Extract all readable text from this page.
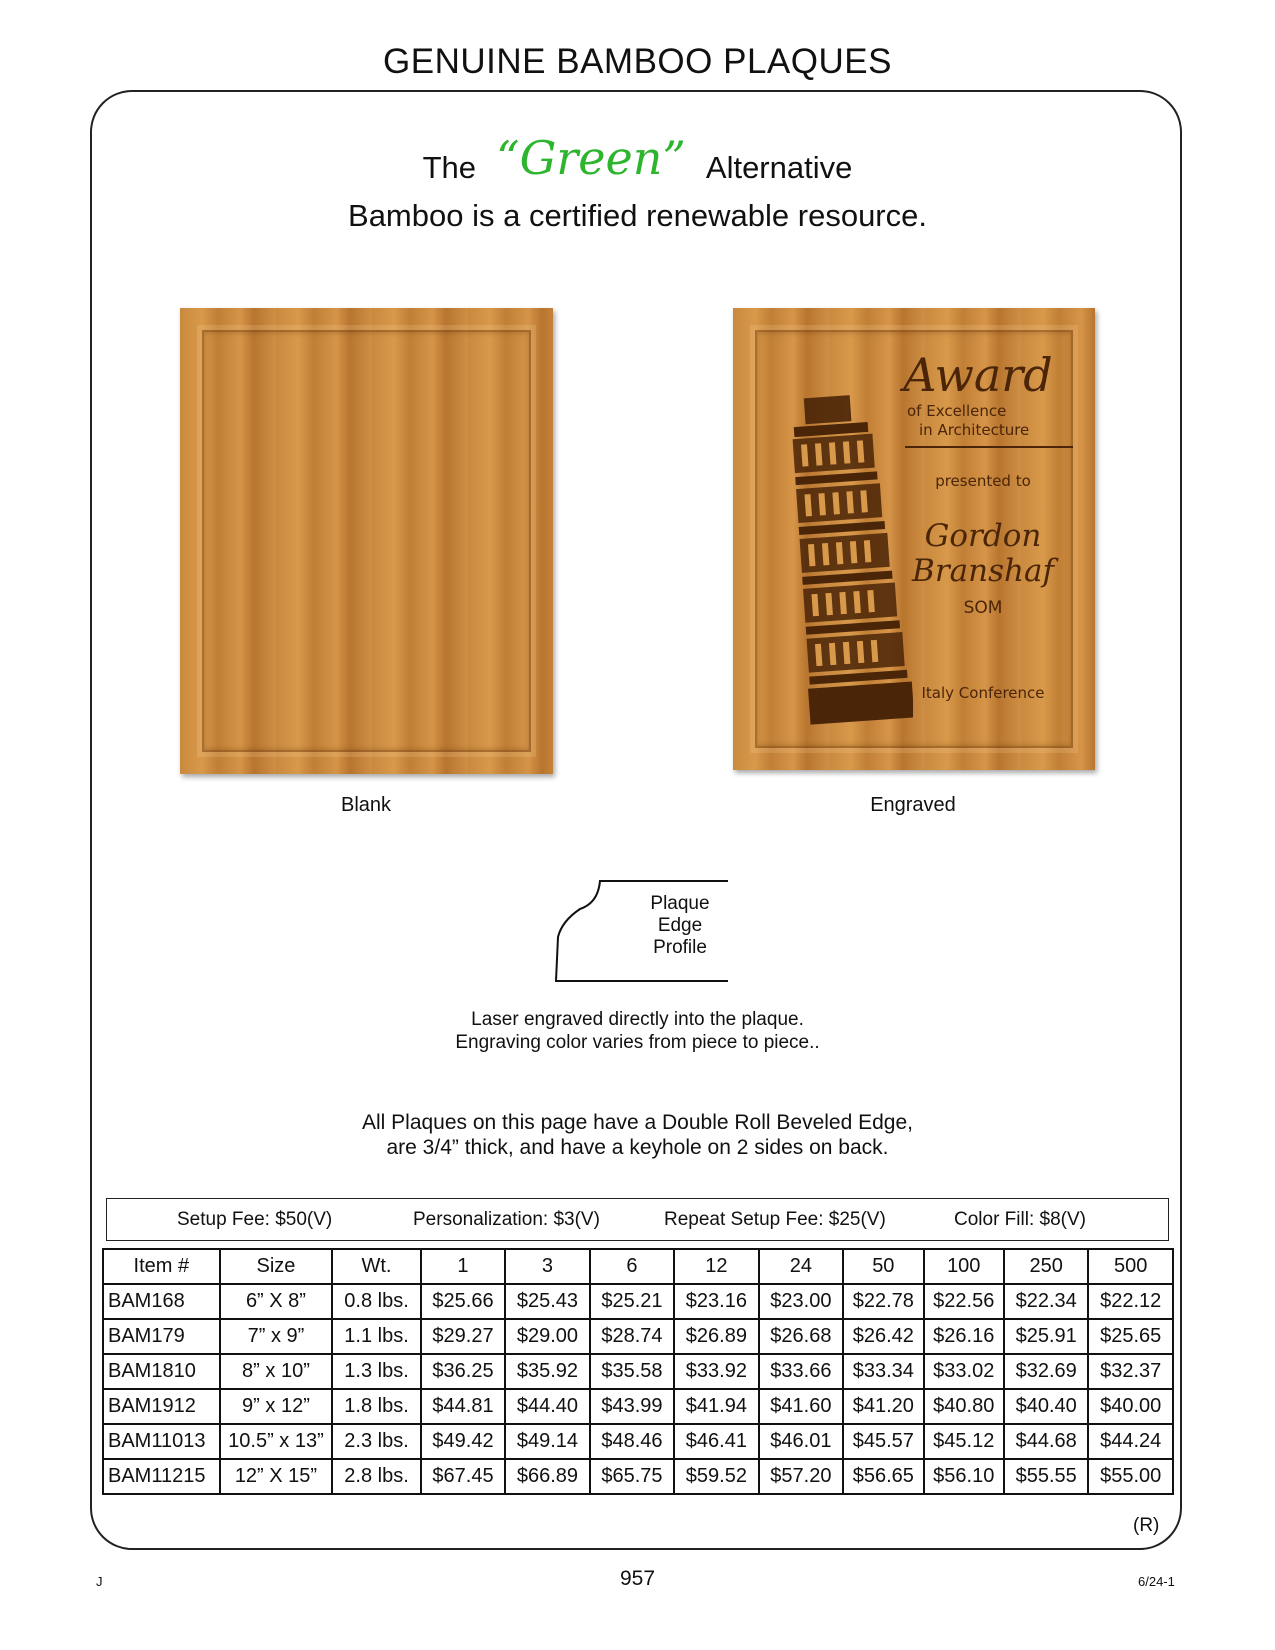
GENUINE BAMBOO PLAQUES
The “Green” Alternative
Bamboo is a certified renewable resource.
Blank
Award
of Excellence
in Architecture
presented to
Gordon
Branshaf
SOM
Italy Conference
Engraved
Plaque
Edge
Profile
Laser engraved directly into the plaque.
Engraving color varies from piece to piece..
All Plaques on this page have a Double Roll Beveled Edge,
are 3/4” thick, and have a keyhole on 2 sides on back.
Setup Fee: $50(V)	Personalization: $3(V)	Repeat Setup Fee: $25(V)	Color Fill: $8(V)
Item #	Size	Wt.	1	3	6	12	24	50	100	250	500
BAM168	6” X 8”	0.8 lbs.	$25.66	$25.43	$25.21	$23.16	$23.00	$22.78	$22.56	$22.34	$22.12
BAM179	7” x 9”	1.1 lbs.	$29.27	$29.00	$28.74	$26.89	$26.68	$26.42	$26.16	$25.91	$25.65
BAM1810	8” x 10”	1.3 lbs.	$36.25	$35.92	$35.58	$33.92	$33.66	$33.34	$33.02	$32.69	$32.37
BAM1912	9” x 12”	1.8 lbs.	$44.81	$44.40	$43.99	$41.94	$41.60	$41.20	$40.80	$40.40	$40.00
BAM11013	10.5” x 13”	2.3 lbs.	$49.42	$49.14	$48.46	$46.41	$46.01	$45.57	$45.12	$44.68	$44.24
BAM11215	12” X 15”	2.8 lbs.	$67.45	$66.89	$65.75	$59.52	$57.20	$56.65	$56.10	$55.55	$55.00
(R)
J	957	6/24-1
